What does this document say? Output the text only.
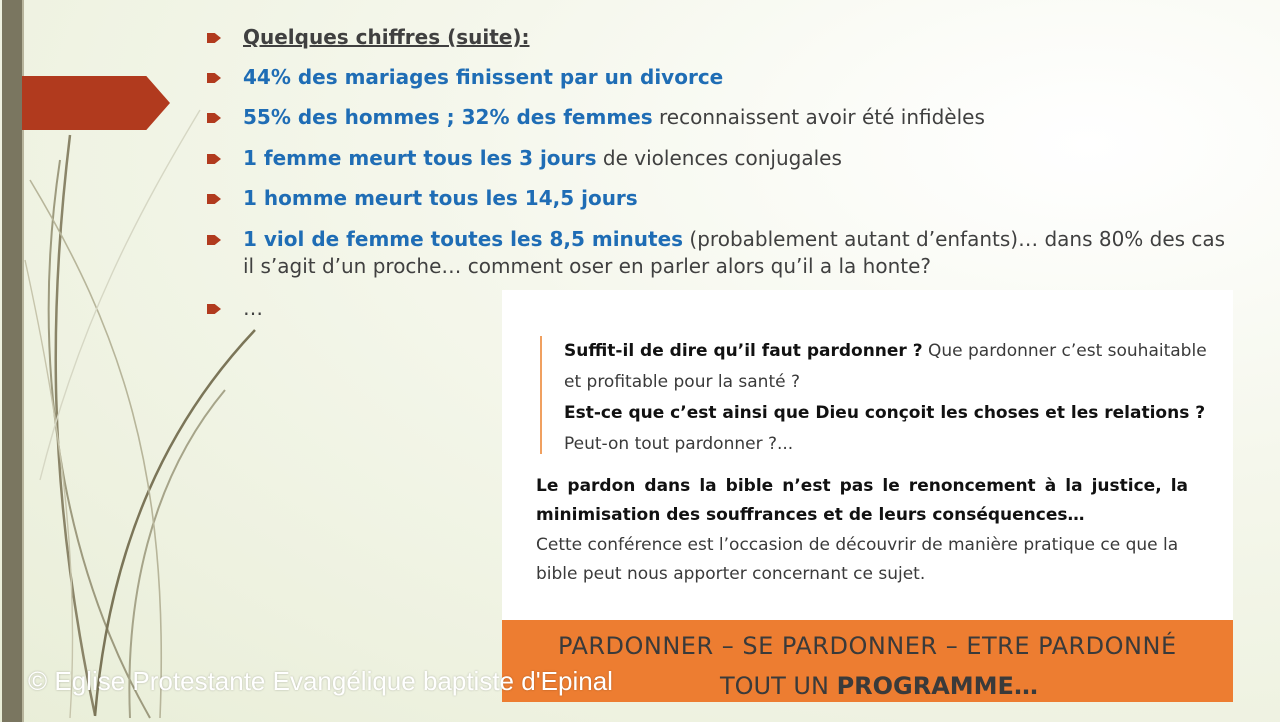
Quelques chiffres (suite):
44% des mariages finissent par un divorce
55% des hommes ; 32% des femmes reconnaissent avoir été infidèles
1 femme meurt tous les 3 jours de violences conjugales
1 homme meurt tous les 14,5 jours
1 viol de femme toutes les 8,5 minutes (probablement autant d’enfants)… dans 80% des cas il s’agit d’un proche… comment oser en parler alors qu’il a la honte?
…
Suffit-il de dire qu’il faut pardonner ? Que pardonner c’est souhaitable
et profitable pour la santé ?
Est-ce que c’est ainsi que Dieu conçoit les choses et les relations ?
Peut-on tout pardonner ?...
Le pardon dans la bible n’est pas le renoncement à la justice, la minimisation des souffrances et de leurs conséquences…
Cette conférence est l’occasion de découvrir de manière pratique ce que la bible peut nous apporter concernant ce sujet.
PARDONNER – SE PARDONNER – ETRE PARDONNÉ
TOUT UN PROGRAMME…
© Eglise Protestante Evangélique baptiste d'Epinal
